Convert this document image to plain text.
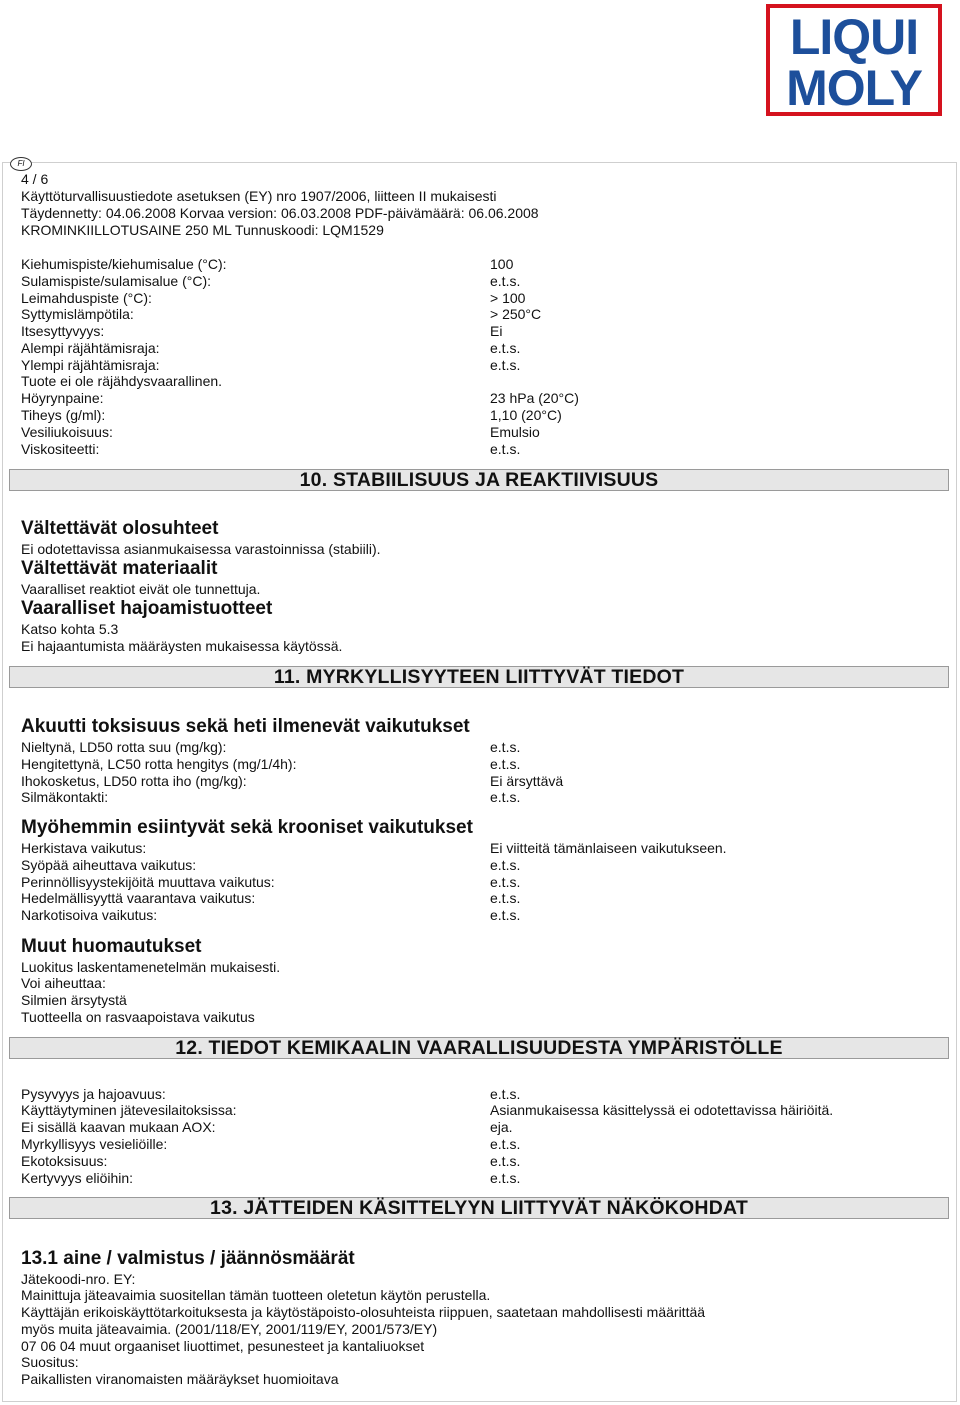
LIQUI
MOLY
FI
4 / 6
Käyttöturvallisuustiedote asetuksen (EY) nro 1907/2006, liitteen II mukaisesti
Täydennetty: 04.06.2008 Korvaa version: 06.03.2008 PDF-päivämäärä: 06.06.2008
KROMINKIILLOTUSAINE 250 ML Tunnuskoodi: LQM1529
Kiehumispiste/kiehumisalue (°C):	100
Sulamispiste/sulamisalue (°C):	e.t.s.
Leimahduspiste (°C):	> 100
Syttymislämpötila:	> 250°C
Itsesyttyvyys:	Ei
Alempi räjähtämisraja:	e.t.s.
Ylempi räjähtämisraja:	e.t.s.
Tuote ei ole räjähdysvaarallinen.
Höyrynpaine:	23 hPa (20°C)
Tiheys (g/ml):	1,10 (20°C)
Vesiliukoisuus:	Emulsio
Viskositeetti:	e.t.s.
10. STABIILISUUS JA REAKTIIVISUUS
Vältettävät olosuhteet
Ei odotettavissa asianmukaisessa varastoinnissa (stabiili).
Vältettävät materiaalit
Vaaralliset reaktiot eivät ole tunnettuja.
Vaaralliset hajoamistuotteet
Katso kohta 5.3
Ei hajaantumista määräysten mukaisessa käytössä.
11. MYRKYLLISYYTEEN LIITTYVÄT TIEDOT
Akuutti toksisuus sekä heti ilmenevät vaikutukset
Nieltynä, LD50 rotta suu (mg/kg):	e.t.s.
Hengitettynä, LC50 rotta hengitys (mg/1/4h):	e.t.s.
Ihokosketus, LD50 rotta iho (mg/kg):	Ei ärsyttävä
Silmäkontakti:	e.t.s.
Myöhemmin esiintyvät sekä krooniset vaikutukset
Herkistava vaikutus:	Ei viitteitä tämänlaiseen vaikutukseen.
Syöpää aiheuttava vaikutus:	e.t.s.
Perinnöllisyystekijöitä muuttava vaikutus:	e.t.s.
Hedelmällisyyttä vaarantava vaikutus:	e.t.s.
Narkotisoiva vaikutus:	e.t.s.
Muut huomautukset
Luokitus laskentamenetelmän mukaisesti.
Voi aiheuttaa:
Silmien ärsytystä
Tuotteella on rasvaapoistava vaikutus
12. TIEDOT KEMIKAALIN VAARALLISUUDESTA YMPÄRISTÖLLE
Pysyvyys ja hajoavuus:	e.t.s.
Käyttäytyminen jätevesilaitoksissa:	Asianmukaisessa käsittelyssä ei odotettavissa häiriöitä.
Ei sisällä kaavan mukaan AOX:	eja.
Myrkyllisyys vesieliöille:	e.t.s.
Ekotoksisuus:	e.t.s.
Kertyvyys eliöihin:	e.t.s.
13. JÄTTEIDEN KÄSITTELYYN LIITTYVÄT NÄKÖKOHDAT
13.1 aine / valmistus / jäännösmäärät
Jätekoodi-nro. EY:
Mainittuja jäteavaimia suositellan tämän tuotteen oletetun käytön perustella.
Käyttäjän erikoiskäyttötarkoituksesta ja käytöstäpoisto-olosuhteista riippuen, saatetaan mahdollisesti määrittää
myös muita jäteavaimia. (2001/118/EY, 2001/119/EY, 2001/573/EY)
07 06 04 muut orgaaniset liuottimet, pesunesteet ja kantaliuokset
Suositus:
Paikallisten viranomaisten määräykset huomioitava
